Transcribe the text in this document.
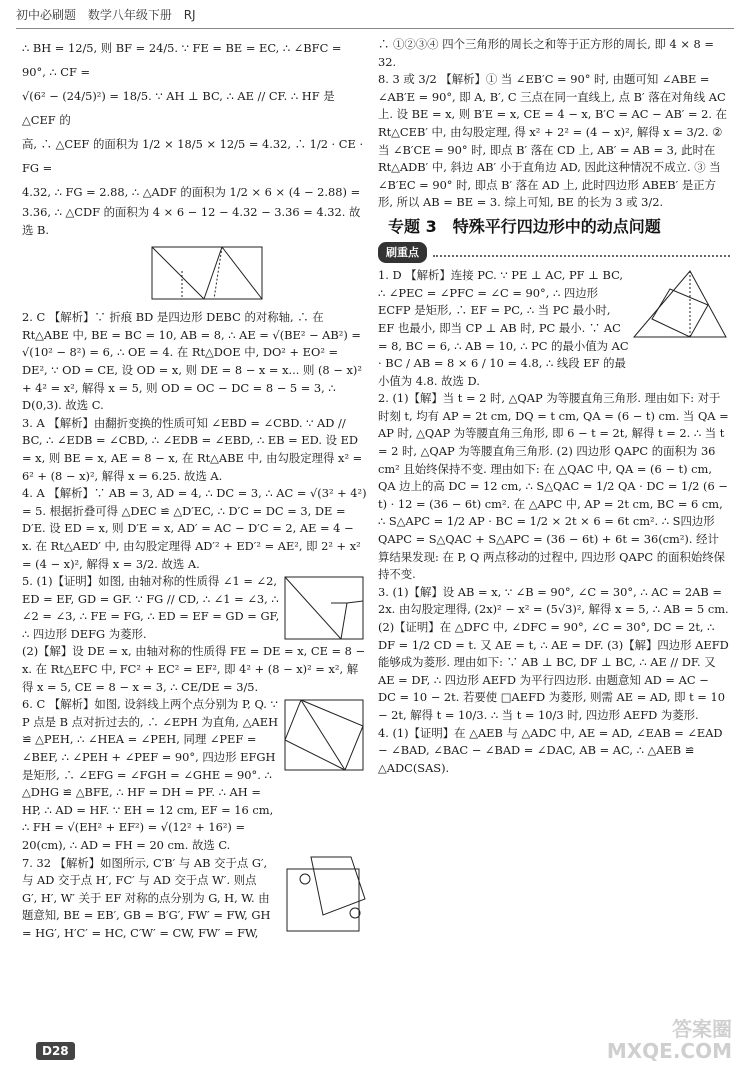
初中必刷题 数学八年级下册 RJ

∴ BH = 12/5, 则 BF = 24/5. ∵ FE = BE = EC, ∴ ∠BFC = 90°, ∴ CF =

√(6² − (24/5)²) = 18/5. ∵ AH ⊥ BC, ∴ AE // CF. ∴ HF 是△CEF 的

高, ∴ △CEF 的面积为 1/2 × 18/5 × 12/5 = 4.32, ∴ 1/2 · CE · FG =

4.32, ∴ FG = 2.88, ∴ △ADF 的面积为 1/2 × 6 × (4 − 2.88) =

3.36, ∴ △CDF 的面积为 4 × 6 − 12 − 4.32 − 3.36 = 4.32. 故选 B.

2. C 【解析】∵ 折痕 BD 是四边形 DEBC 的对称轴, ∴ 在 Rt△ABE 中, BE = BC = 10, AB = 8, ∴ AE = √(BE² − AB²) = √(10² − 8²) = 6, ∴ OE = 4. 在 Rt△DOE 中, DO² + EO² = DE², ∵ OD = CE, 设 OD = x, 则 DE = 8 − x = x... 则 (8 − x)² + 4² = x², 解得 x = 5, 则 OD = OC − DC = 8 − 5 = 3, ∴ D(0,3). 故选 C.

3. A 【解析】由翻折变换的性质可知 ∠EBD = ∠CBD. ∵ AD // BC, ∴ ∠EDB = ∠CBD, ∴ ∠EDB = ∠EBD, ∴ EB = ED. 设 ED = x, 则 BE = x, AE = 8 − x, 在 Rt△ABE 中, 由勾股定理得 x² = 6² + (8 − x)², 解得 x = 6.25. 故选 A.

4. A 【解析】∵ AB = 3, AD = 4, ∴ DC = 3, ∴ AC = √(3² + 4²) = 5. 根据折叠可得 △DEC ≌ △D′EC, ∴ D′C = DC = 3, DE = D′E. 设 ED = x, 则 D′E = x, AD′ = AC − D′C = 2, AE = 4 − x. 在 Rt△AED′ 中, 由勾股定理得 AD′² + ED′² = AE², 即 2² + x² = (4 − x)², 解得 x = 3/2. 故选 A.

5. (1)【证明】如图, 由轴对称的性质得 ∠1 = ∠2, ED = EF, GD = GF. ∵ FG // CD, ∴ ∠1 = ∠3, ∴ ∠2 = ∠3, ∴ FE = FG, ∴ ED = EF = GD = GF, ∴ 四边形 DEFG 为菱形.

(2)【解】设 DE = x, 由轴对称的性质得 FE = DE = x, CE = 8 − x. 在 Rt△EFC 中, FC² + EC² = EF², 即 4² + (8 − x)² = x², 解得 x = 5, CE = 8 − x = 3, ∴ CE/DE = 3/5.

6. C 【解析】如图, 设斜线上两个点分别为 P, Q. ∵ P 点是 B 点对折过去的, ∴ ∠EPH 为直角, △AEH ≌ △PEH, ∴ ∠HEA = ∠PEH, 同理 ∠PEF = ∠BEF, ∴ ∠PEH + ∠PEF = 90°, 四边形 EFGH 是矩形, ∴ ∠EFG = ∠FGH = ∠GHE = 90°. ∴ △DHG ≌ △BFE, ∴ HF = DH = PF. ∴ AH = HP, ∴ AD = HF. ∵ EH = 12 cm, EF = 16 cm, ∴ FH = √(EH² + EF²) = √(12² + 16²) = 20(cm), ∴ AD = FH = 20 cm. 故选 C.

7. 32 【解析】如图所示, C′B′ 与 AB 交于点 G′, 与 AD 交于点 H′, FC′ 与 AD 交于点 W′. 则点 G′, H′, W′ 关于 EF 对称的点分别为 G, H, W. 由题意知, BE = EB′, GB = B′G′, FW′ = FW, GH = HG′, H′C′ = HC, C′W′ = CW, FW′ = FW,

∴ ①②③④ 四个三角形的周长之和等于正方形的周长, 即 4 × 8 = 32.

8. 3 或 3/2 【解析】① 当 ∠EB′C = 90° 时, 由题可知 ∠ABE = ∠AB′E = 90°, 即 A, B′, C 三点在同一直线上, 点 B′ 落在对角线 AC 上. 设 BE = x, 则 B′E = x, CE = 4 − x, B′C = AC − AB′ = 2. 在 Rt△CEB′ 中, 由勾股定理, 得 x² + 2² = (4 − x)², 解得 x = 3/2. ② 当 ∠B′CE = 90° 时, 即点 B′ 落在 CD 上, AB′ = AB = 3, 此时在 Rt△ADB′ 中, 斜边 AB′ 小于直角边 AD, 因此这种情况不成立. ③ 当 ∠B′EC = 90° 时, 即点 B′ 落在 AD 上, 此时四边形 ABEB′ 是正方形, 所以 AB = BE = 3. 综上可知, BE 的长为 3 或 3/2.

专题 3　特殊平行四边形中的动点问题
刷重点

1. D 【解析】连接 PC. ∵ PE ⊥ AC, PF ⊥ BC, ∴ ∠PEC = ∠PFC = ∠C = 90°, ∴ 四边形 ECFP 是矩形, ∴ EF = PC, ∴ 当 PC 最小时, EF 也最小, 即当 CP ⊥ AB 时, PC 最小. ∵ AC = 8, BC = 6, ∴ AB = 10, ∴ PC 的最小值为 AC · BC / AB = 8 × 6 / 10 = 4.8, ∴ 线段 EF 的最小值为 4.8. 故选 D.

2. (1)【解】当 t = 2 时, △QAP 为等腰直角三角形. 理由如下: 对于时刻 t, 均有 AP = 2t cm, DQ = t cm, QA = (6 − t) cm. 当 QA = AP 时, △QAP 为等腰直角三角形, 即 6 − t = 2t, 解得 t = 2. ∴ 当 t = 2 时, △QAP 为等腰直角三角形. (2) 四边形 QAPC 的面积为 36 cm² 且始终保持不变. 理由如下: 在 △QAC 中, QA = (6 − t) cm, QA 边上的高 DC = 12 cm, ∴ S△QAC = 1/2 QA · DC = 1/2 (6 − t) · 12 = (36 − 6t) cm². 在 △APC 中, AP = 2t cm, BC = 6 cm, ∴ S△APC = 1/2 AP · BC = 1/2 × 2t × 6 = 6t cm². ∴ S四边形QAPC = S△QAC + S△APC = (36 − 6t) + 6t = 36(cm²). 经计算结果发现: 在 P, Q 两点移动的过程中, 四边形 QAPC 的面积始终保持不变.

3. (1)【解】设 AB = x, ∵ ∠B = 90°, ∠C = 30°, ∴ AC = 2AB = 2x. 由勾股定理得, (2x)² − x² = (5√3)², 解得 x = 5, ∴ AB = 5 cm. (2)【证明】在 △DFC 中, ∠DFC = 90°, ∠C = 30°, DC = 2t, ∴ DF = 1/2 CD = t. 又 AE = t, ∴ AE = DF. (3)【解】四边形 AEFD 能够成为菱形. 理由如下: ∵ AB ⊥ BC, DF ⊥ BC, ∴ AE // DF. 又 AE = DF, ∴ 四边形 AEFD 为平行四边形. 由题意知 AD = AC − DC = 10 − 2t. 若要使 □AEFD 为菱形, 则需 AE = AD, 即 t = 10 − 2t, 解得 t = 10/3. ∴ 当 t = 10/3 时, 四边形 AEFD 为菱形.

4. (1)【证明】在 △AEB 与 △ADC 中, AE = AD, ∠EAB = ∠EAD − ∠BAD, ∠BAC − ∠BAD = ∠DAC, AB = AC, ∴ △AEB ≌ △ADC(SAS).

D28
答案圈
MXQE.COM
